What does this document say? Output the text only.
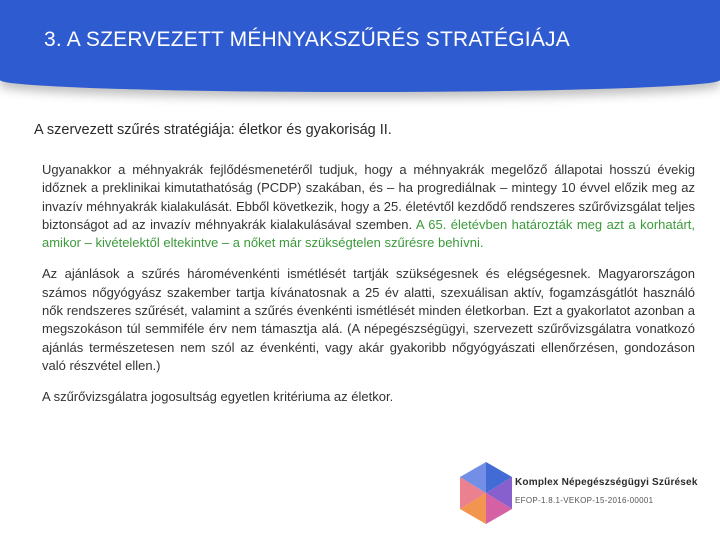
3. A SZERVEZETT MÉHNYAKSZŰRÉS STRATÉGIÁJA
A szervezett szűrés stratégiája: életkor és gyakoriság II.

Ugyanakkor a méhnyakrák fejlődésmenetéről tudjuk, hogy a méhnyakrák megelőző állapotai hosszú évekig időznek a preklinikai kimutathatóság (PCDP) szakában, és – ha progrediálnak – mintegy 10 évvel előzik meg az invazív méhnyakrák kialakulását. Ebből következik, hogy a 25. életévtől kezdődő rendszeres szűrővizsgálat teljes biztonságot ad az invazív méhnyakrák kialakulásával szemben. A 65. életévben határozták meg azt a korhatárt, amikor – kivételektől eltekintve – a nőket már szükségtelen szűrésre behívni.

Az ajánlások a szűrés háromévenkénti ismétlését tartják szükségesnek és elégségesnek. Magyarországon számos nőgyógyász szakember tartja kívánatosnak a 25 év alatti, szexuálisan aktív, fogamzásgátlót használó nők rendszeres szűrését, valamint a szűrés évenkénti ismétlését minden életkorban. Ezt a gyakorlatot azonban a megszokáson túl semmiféle érv nem támasztja alá. (A népegészségügyi, szervezett szűrővizsgálatra vonatkozó ajánlás természetesen nem szól az évenkénti, vagy akár gyakoribb nőgyógyászati ellenőrzésen, gondozáson való részvétel ellen.)

A szűrővizsgálatra jogosultság egyetlen kritériuma az életkor.

Komplex Népegészségügyi Szűrések
EFOP-1.8.1-VEKOP-15-2016-00001
